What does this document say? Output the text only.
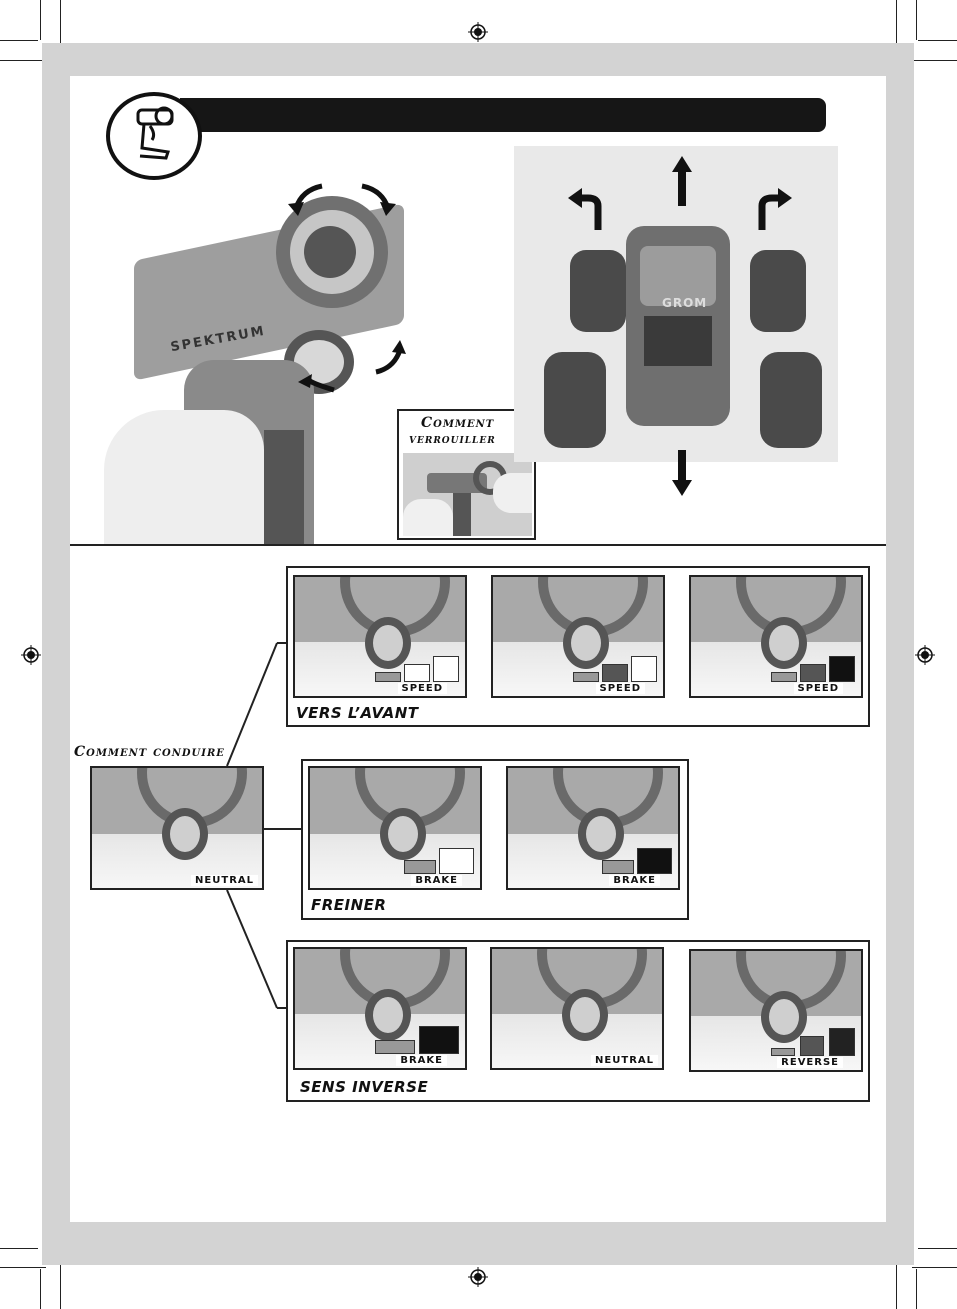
SPEKTRUM
Comment
verrouiller
GROM
Comment conduire
NEUTRAL
VERS L’AVANT
SPEED	SPEED	SPEED
FREINER
BRAKE	BRAKE
SENS INVERSE
BRAKE	NEUTRAL	REVERSE
